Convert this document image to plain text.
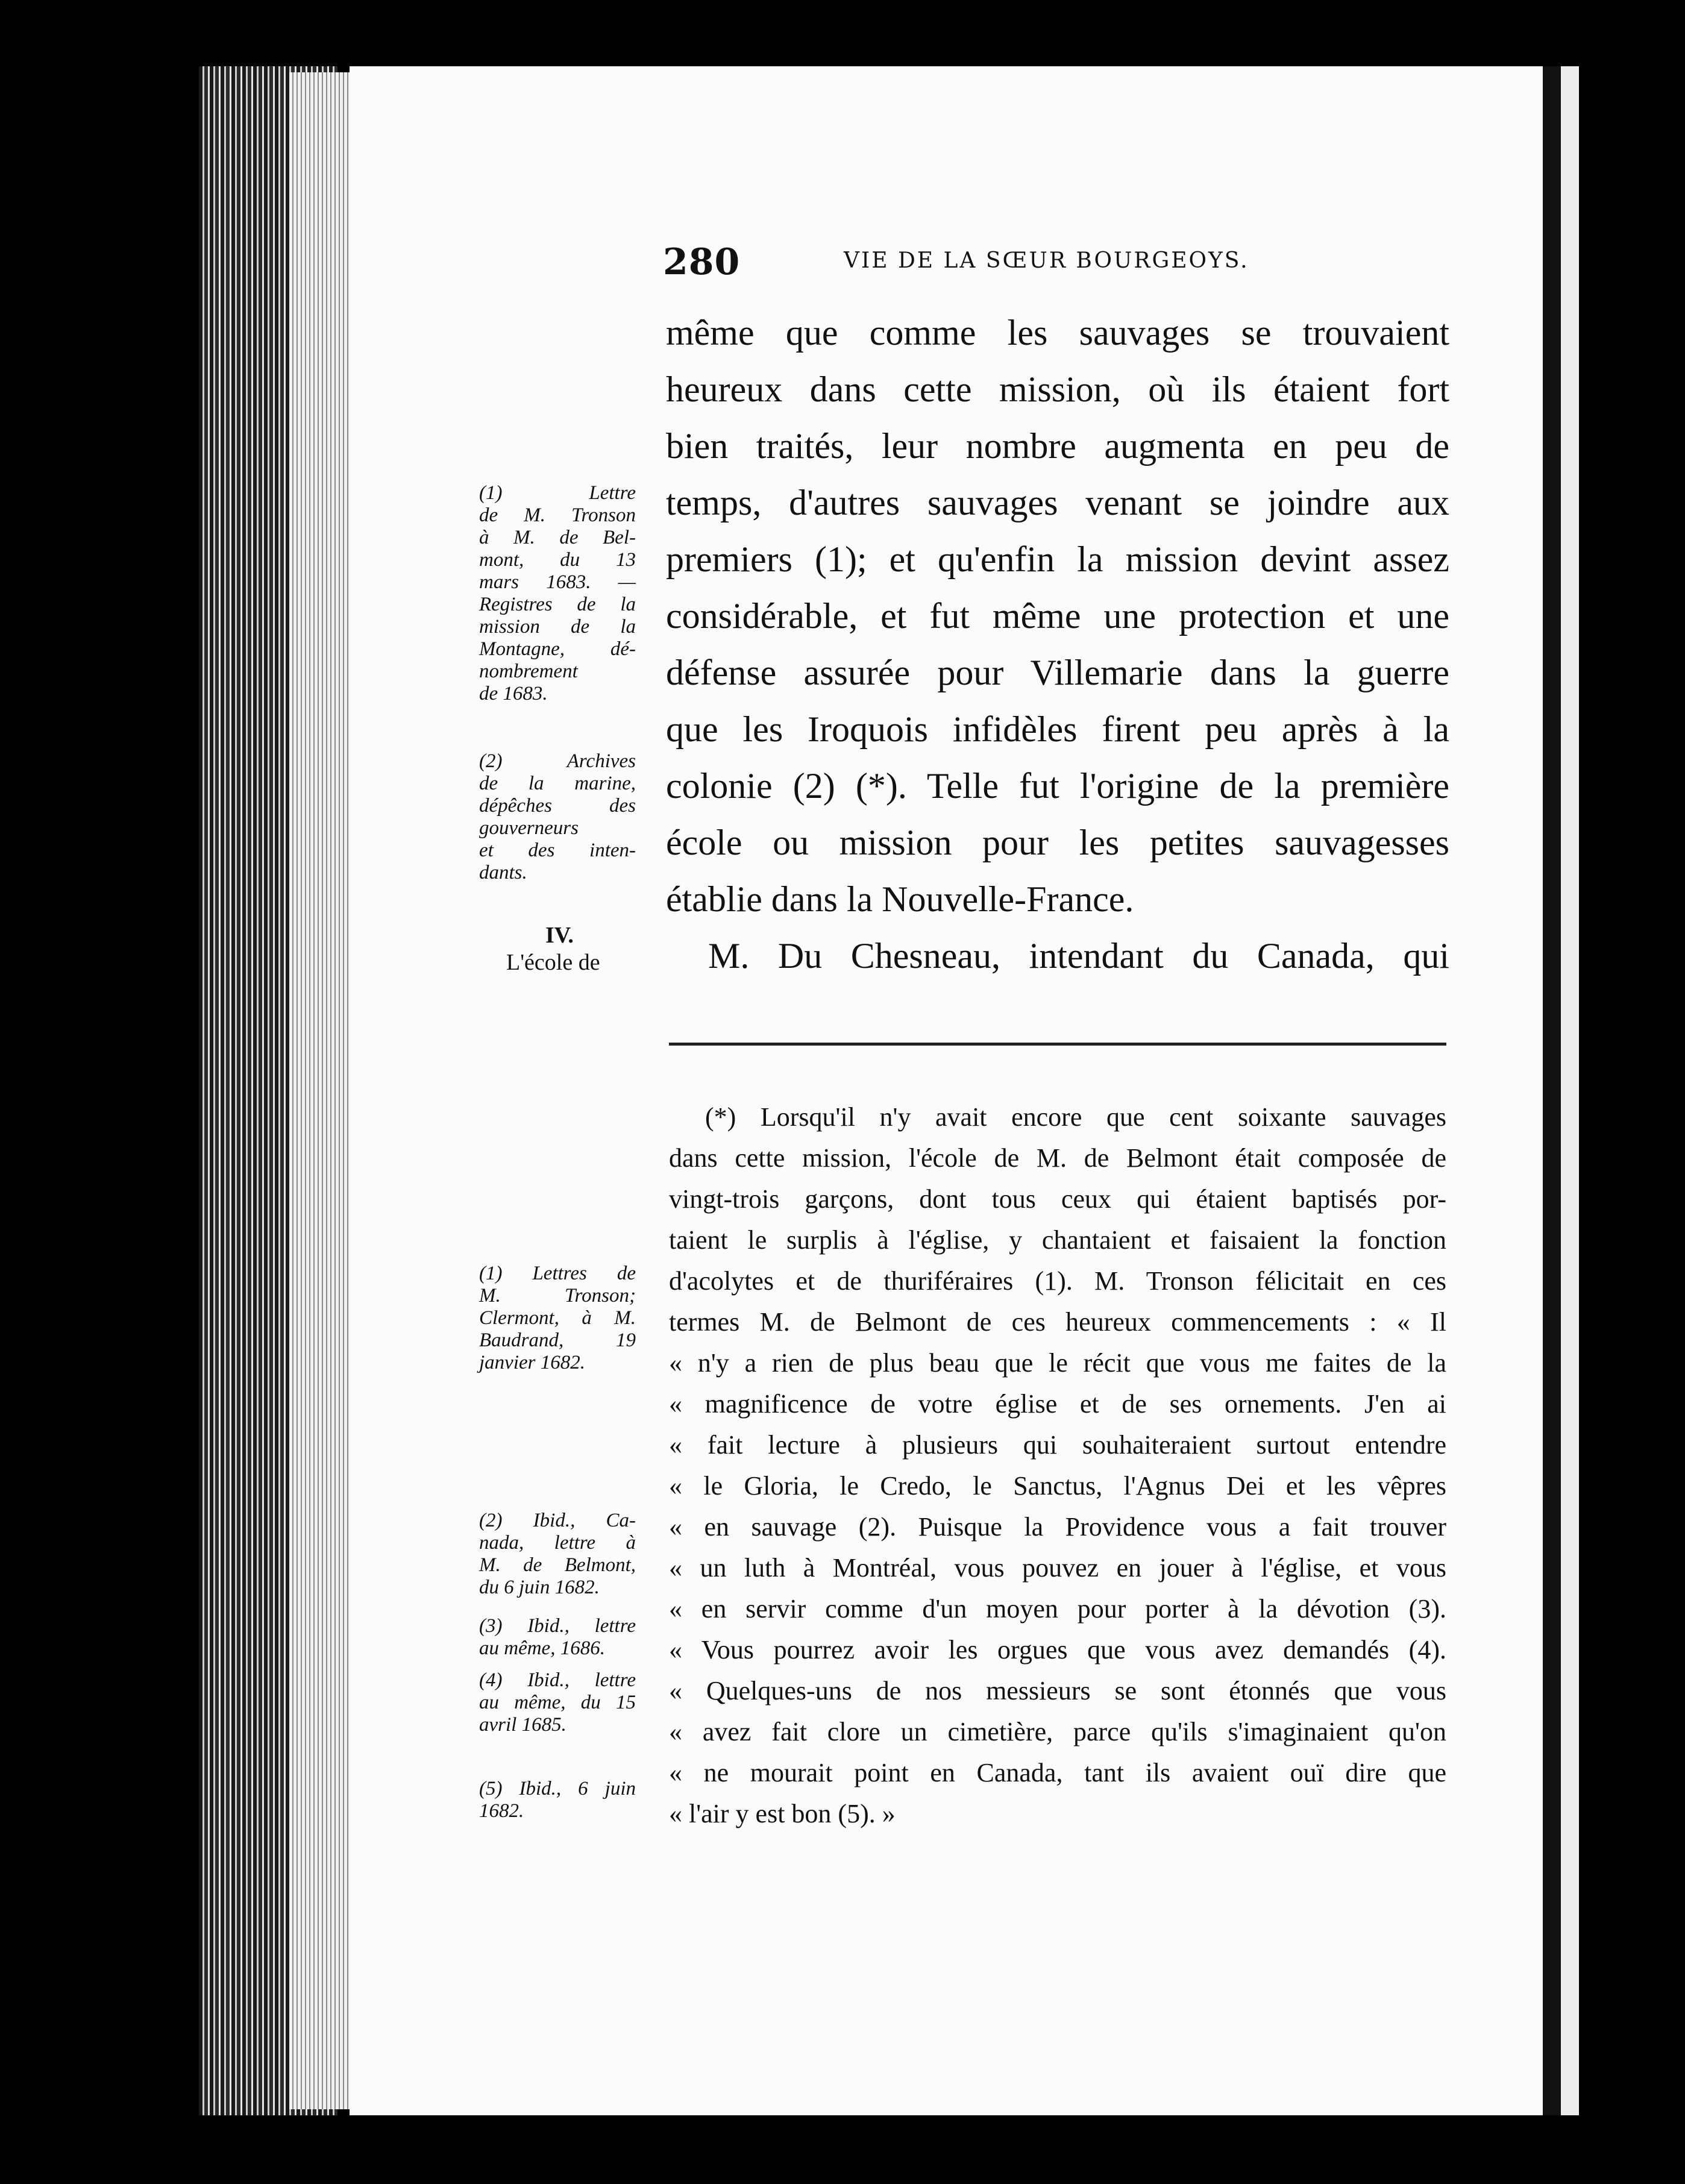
280	VIE DE LA SŒUR BOURGEOYS.
même que comme les sauvages se trouvaient
heureux dans cette mission, où ils étaient fort
bien traités, leur nombre augmenta en peu de
temps, d'autres sauvages venant se joindre aux
premiers (1); et qu'enfin la mission devint assez
considérable, et fut même une protection et une
défense assurée pour Villemarie dans la guerre
que les Iroquois infidèles firent peu après à la
colonie (2) (*). Telle fut l'origine de la première
école ou mission pour les petites sauvagesses
établie dans la Nouvelle-France.
M. Du Chesneau, intendant du Canada, qui
(*) Lorsqu'il n'y avait encore que cent soixante sauvages
dans cette mission, l'école de M. de Belmont était composée de
vingt-trois garçons, dont tous ceux qui étaient baptisés por-
taient le surplis à l'église, y chantaient et faisaient la fonction
d'acolytes et de thuriféraires (1). M. Tronson félicitait en ces
termes M. de Belmont de ces heureux commencements : « Il
« n'y a rien de plus beau que le récit que vous me faites de la
« magnificence de votre église et de ses ornements. J'en ai
« fait lecture à plusieurs qui souhaiteraient surtout entendre
« le Gloria, le Credo, le Sanctus, l'Agnus Dei et les vêpres
« en sauvage (2). Puisque la Providence vous a fait trouver
« un luth à Montréal, vous pouvez en jouer à l'église, et vous
« en servir comme d'un moyen pour porter à la dévotion (3).
« Vous pourrez avoir les orgues que vous avez demandés (4).
« Quelques-uns de nos messieurs se sont étonnés que vous
« avez fait clore un cimetière, parce qu'ils s'imaginaient qu'on
« ne mourait point en Canada, tant ils avaient ouï dire que
« l'air y est bon (5). »
(1) Lettre
de M. Tronson
à M. de Bel-
mont, du 13
mars 1683. —
Registres de la
mission de la
Montagne, dé-
nombrement
de 1683.
(2) Archives
de la marine,
dépêches des
gouverneurs
et des inten-
dants.
IV.
L'école de
(1) Lettres de
M. Tronson;
Clermont, à M.
Baudrand, 19
janvier 1682.
(2) Ibid., Ca-
nada, lettre à
M. de Belmont,
du 6 juin 1682.
(3) Ibid., lettre
au même, 1686.
(4) Ibid., lettre
au même, du 15
avril 1685.
(5) Ibid., 6 juin
1682.
